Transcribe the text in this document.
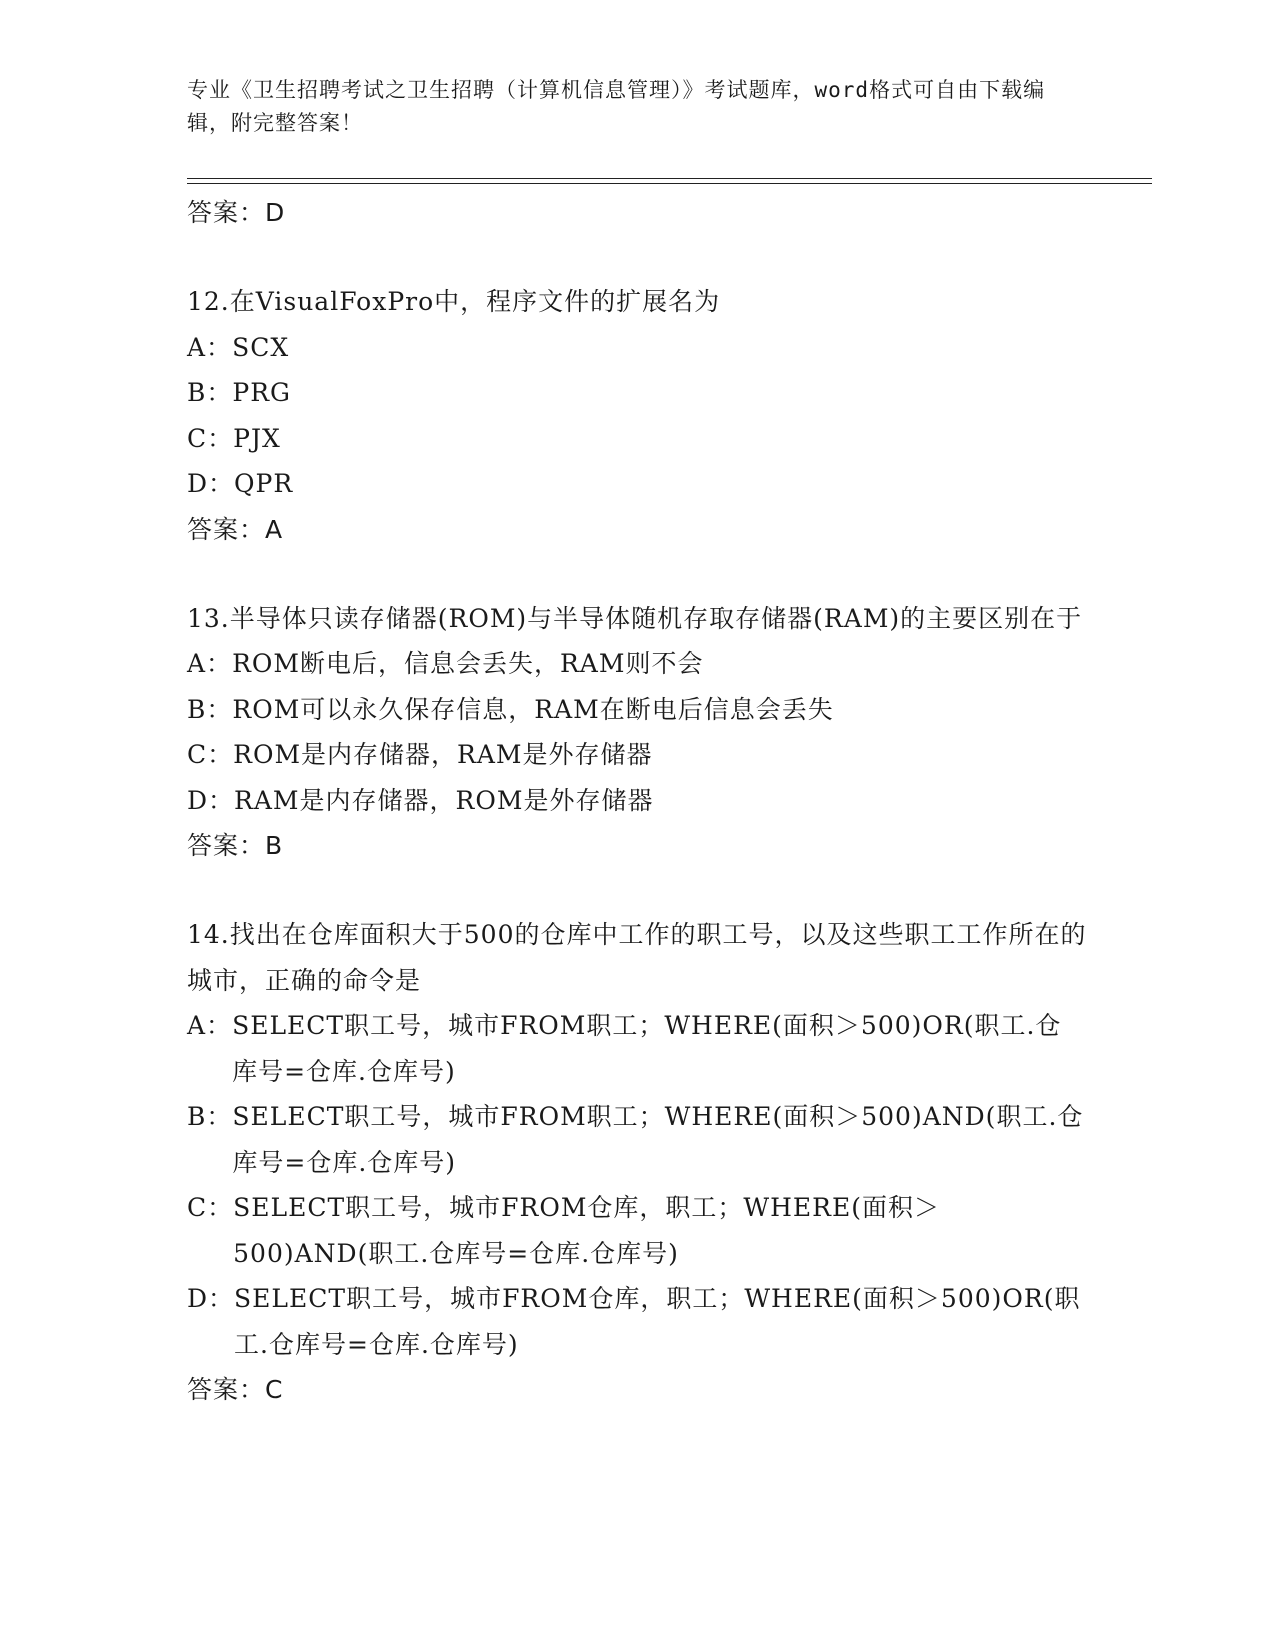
专业《卫生招聘考试之卫生招聘（计算机信息管理）》考试题库，word格式可自由下载编辑，附完整答案！
答案：D
12.在VisualFoxPro中，程序文件的扩展名为
A： SCX
B： PRG
C： PJX
D： QPR
答案：A
13.半导体只读存储器(ROM)与半导体随机存取存储器(RAM)的主要区别在于
A： ROM断电后，信息会丢失，RAM则不会
B： ROM可以永久保存信息，RAM在断电后信息会丢失
C： ROM是内存储器，RAM是外存储器
D： RAM是内存储器，ROM是外存储器
答案：B
14.找出在仓库面积大于500的仓库中工作的职工号，以及这些职工工作所在的城市，正确的命令是
A： SELECT职工号，城市FROM职工；WHERE(面积＞500)OR(职工.仓库号=仓库.仓库号)
B： SELECT职工号，城市FROM职工；WHERE(面积＞500)AND(职工.仓库号=仓库.仓库号)
C： SELECT职工号，城市FROM仓库，职工；WHERE(面积＞500)AND(职工.仓库号=仓库.仓库号)
D： SELECT职工号，城市FROM仓库，职工；WHERE(面积＞500)OR(职工.仓库号=仓库.仓库号)
答案：C
